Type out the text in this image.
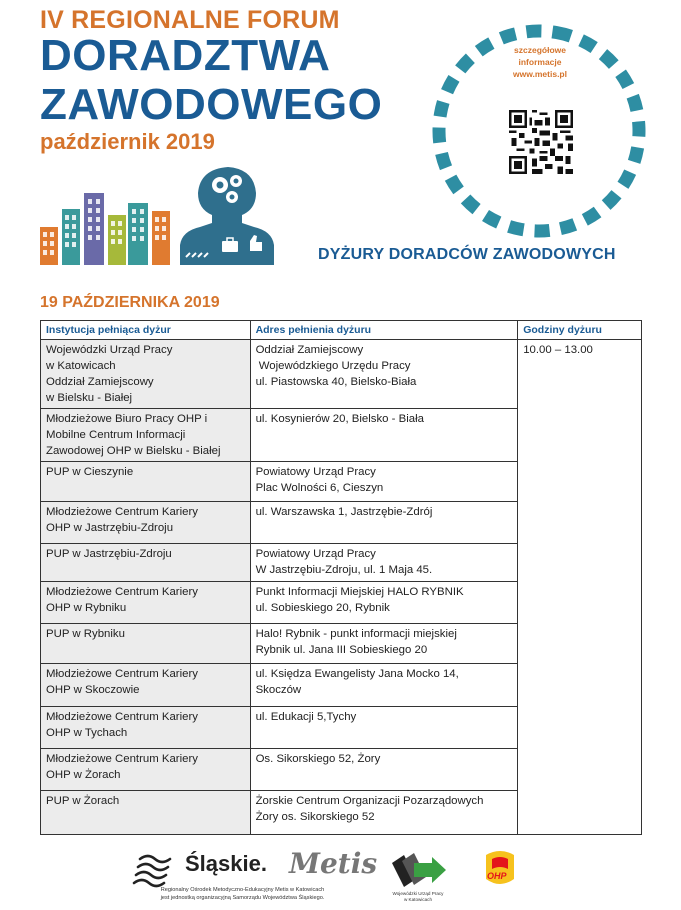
IV REGIONALNE FORUM
DORADZTWA
ZAWODOWEGO
październik 2019
szczegółowe
informacje
www.metis.pl
DYŻURY DORADCÓW ZAWODOWYCH
19 PAŹDZIERNIKA 2019
Instytucja pełniąca dyżur	Adres pełnienia dyżuru	Godziny dyżuru

Wojewódzki Urząd Pracy
w Katowicach
Oddział Zamiejscowy
w Bielsku - Białej	Oddział Zamiejscowy
Wojewódzkiego Urzędu Pracy
ul. Piastowska 40, Bielsko-Biała	10.00 – 13.00

Młodzieżowe Biuro Pracy OHP i
Mobilne Centrum Informacji
Zawodowej OHP w Bielsku - Białej	ul. Kosynierów 20, Bielsko - Biała	

PUP w Cieszynie	Powiatowy Urząd Pracy
Plac Wolności 6, Cieszyn	

Młodzieżowe Centrum Kariery
OHP w Jastrzębiu-Zdroju	ul. Warszawska 1, Jastrzębie-Zdrój	

PUP w Jastrzębiu-Zdroju	Powiatowy Urząd Pracy
W Jastrzębiu-Zdroju, ul. 1 Maja 45.	

Młodzieżowe Centrum Kariery
OHP w Rybniku	Punkt Informacji Miejskiej HALO RYBNIK
ul. Sobieskiego 20, Rybnik	

PUP w Rybniku	Halo! Rybnik - punkt informacji miejskiej
Rybnik ul. Jana III Sobieskiego 20	

Młodzieżowe Centrum Kariery
OHP w Skoczowie	ul. Księdza Ewangelisty Jana Mocko 14,
Skoczów	

Młodzieżowe Centrum Kariery
OHP w Tychach	ul. Edukacji 5,Tychy	

Młodzieżowe Centrum Kariery
OHP w Żorach	Os. Sikorskiego 52, Żory	

PUP w Żorach	Żorskie Centrum Organizacji Pozarządowych
Żory os. Sikorskiego 52	
Śląskie. Metis
Regionalny Ośrodek Metodyczno-Edukacyjny Metis w Katowicach
jest jednostką organizacyjną Samorządu Województwa Śląskiego.
Wojewódzki Urząd Pracy
w Katowicach
OHP
